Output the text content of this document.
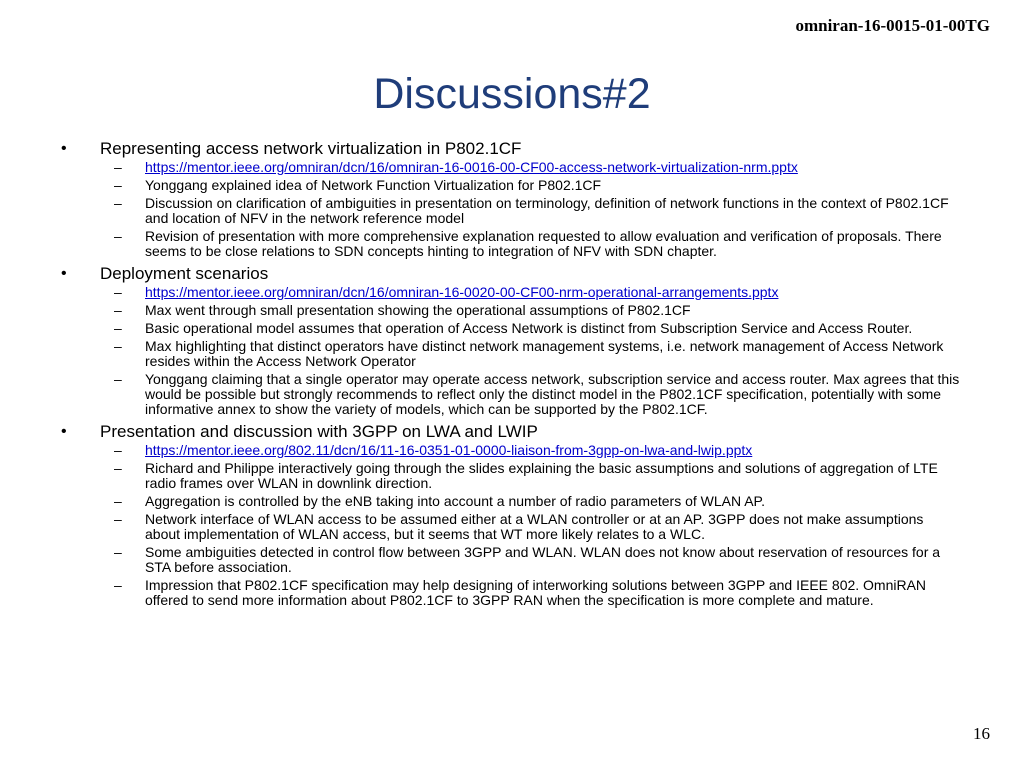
omniran-16-0015-01-00TG
Discussions#2
• Representing access network virtualization in P802.1CF
– https://mentor.ieee.org/omniran/dcn/16/omniran-16-0016-00-CF00-access-network-virtualization-nrm.pptx
– Yonggang explained idea of Network Function Virtualization for P802.1CF
– Discussion on clarification of ambiguities in presentation on terminology, definition of network functions in the context of P802.1CF and location of NFV in the network reference model
– Revision of presentation with more comprehensive explanation requested to allow evaluation and verification of proposals. There seems to be close relations to SDN concepts hinting to integration of NFV with SDN chapter.
• Deployment scenarios
– https://mentor.ieee.org/omniran/dcn/16/omniran-16-0020-00-CF00-nrm-operational-arrangements.pptx
– Max went through small presentation showing the operational assumptions of P802.1CF
– Basic operational model assumes that operation of Access Network is distinct from Subscription Service and Access Router.
– Max highlighting that distinct operators have distinct network management systems, i.e. network management of Access Network resides within the Access Network Operator
– Yonggang claiming that a single operator may operate access network, subscription service and access router. Max agrees that this would be possible but strongly recommends to reflect only the distinct model in the P802.1CF specification, potentially with some informative annex to show the variety of models, which can be supported by the P802.1CF.
• Presentation and discussion with 3GPP on LWA and LWIP
– https://mentor.ieee.org/802.11/dcn/16/11-16-0351-01-0000-liaison-from-3gpp-on-lwa-and-lwip.pptx
– Richard and Philippe interactively going through the slides explaining the basic assumptions and solutions of aggregation of LTE radio frames over WLAN in downlink direction.
– Aggregation is controlled by the eNB taking into account a number of radio parameters of WLAN AP.
– Network interface of WLAN access to be assumed either at a WLAN controller or at an AP. 3GPP does not make assumptions about implementation of WLAN access, but it seems that WT more likely relates to a WLC.
– Some ambiguities detected in control flow between 3GPP and WLAN. WLAN does not know about reservation of resources for a STA before association.
– Impression that P802.1CF specification may help designing of interworking solutions between 3GPP and IEEE 802. OmniRAN offered to send more information about P802.1CF to 3GPP RAN when the specification is more complete and mature.
16
